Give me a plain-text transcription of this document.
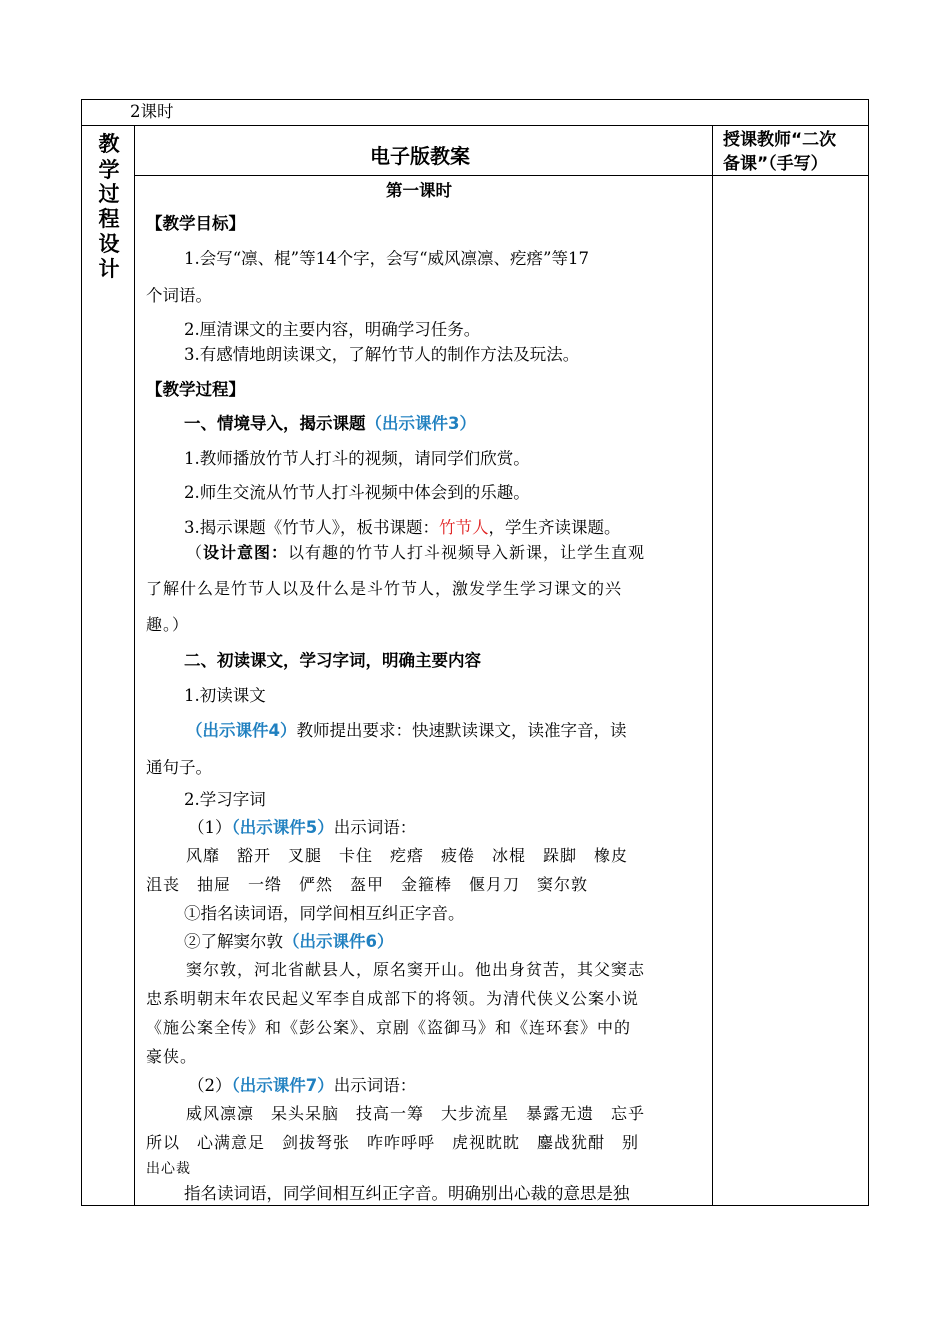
2课时
教
学
过
程
设
计
电子版教案
授课教师“二次
备课”（手写）
第一课时
【教学目标】
1.会写“凛、棍”等14个字，会写“威风凛凛、疙瘩”等17
个词语。
2.厘清课文的主要内容，明确学习任务。
3.有感情地朗读课文，了解竹节人的制作方法及玩法。
【教学过程】
一、情境导入，揭示课题（出示课件3）
1.教师播放竹节人打斗的视频，请同学们欣赏。
2.师生交流从竹节人打斗视频中体会到的乐趣。
3.揭示课题《竹节人》，板书课题：竹节人，学生齐读课题。
（设计意图：以有趣的竹节人打斗视频导入新课，让学生直观
了解什么是竹节人以及什么是斗竹节人，激发学生学习课文的兴
趣。）
二、初读课文，学习字词，明确主要内容
1.初读课文
（出示课件4）教师提出要求：快速默读课文，读准字音，读
通句子。
2.学习字词
（1）（出示课件5）出示词语：
风靡　豁开　叉腿　卡住　疙瘩　疲倦　冰棍　跺脚　橡皮
沮丧　抽屉　一绺　俨然　盔甲　金箍棒　偃月刀　窦尔敦
①指名读词语，同学间相互纠正字音。
②了解窦尔敦（出示课件6）
窦尔敦，河北省献县人，原名窦开山。他出身贫苦，其父窦志
忠系明朝末年农民起义军李自成部下的将领。为清代侠义公案小说
《施公案全传》和《彭公案》、京剧《盗御马》和《连环套》中的
豪侠。
（2）（出示课件7）出示词语：
威风凛凛　呆头呆脑　技高一筹　大步流星　暴露无遗　忘乎
所以　心满意足　剑拔弩张　咋咋呼呼　虎视眈眈　鏖战犹酣　别
出心裁
指名读词语，同学间相互纠正字音。明确别出心裁的意思是独
